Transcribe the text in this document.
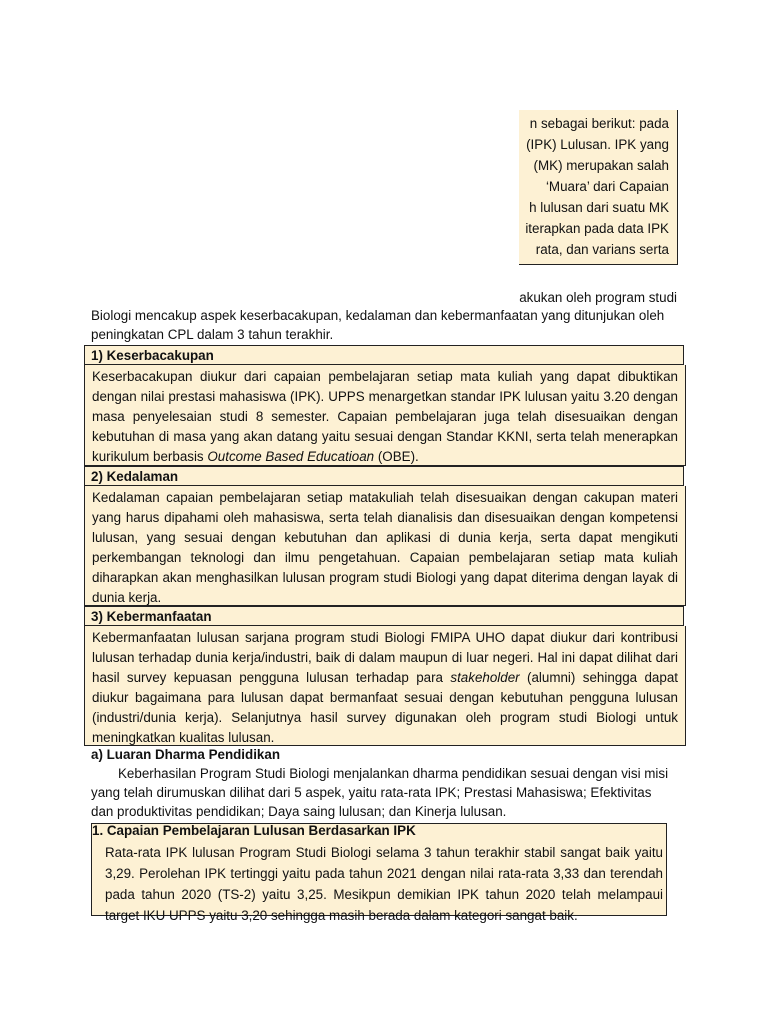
n sebagai berikut: pada
(IPK) Lulusan. IPK yang
(MK) merupakan salah
‘Muara’ dari Capaian
h lulusan dari suatu MK
iterapkan pada data IPK
rata, dan varians serta
akukan oleh program studi
Biologi mencakup aspek keserbacakupan, kedalaman dan kebermanfaatan yang ditunjukan oleh
peningkatan CPL dalam 3 tahun terakhir.
1) Keserbacakupan

Keserbacakupan diukur dari capaian pembelajaran setiap mata kuliah yang dapat dibuktikan dengan nilai prestasi mahasiswa (IPK). UPPS menargetkan standar IPK lulusan yaitu 3.20 dengan masa penyelesaian studi 8 semester. Capaian pembelajaran juga telah disesuaikan dengan kebutuhan di masa yang akan datang yaitu sesuai dengan Standar KKNI, serta telah menerapkan kurikulum berbasis Outcome Based Educatioan (OBE).

2) Kedalaman

Kedalaman capaian pembelajaran setiap matakuliah telah disesuaikan dengan cakupan materi yang harus dipahami oleh mahasiswa, serta telah dianalisis dan disesuaikan dengan kompetensi lulusan, yang sesuai dengan kebutuhan dan aplikasi di dunia kerja, serta dapat mengikuti perkembangan teknologi dan ilmu pengetahuan. Capaian pembelajaran setiap mata kuliah diharapkan akan menghasilkan lulusan program studi Biologi yang dapat diterima dengan layak di dunia kerja.

3) Kebermanfaatan

Kebermanfaatan lulusan sarjana program studi Biologi FMIPA UHO dapat diukur dari kontribusi lulusan terhadap dunia kerja/industri, baik di dalam maupun di luar negeri. Hal ini dapat dilihat dari hasil survey kepuasan pengguna lulusan terhadap para stakeholder (alumni) sehingga dapat diukur bagaimana para lulusan dapat bermanfaat sesuai dengan kebutuhan pengguna lulusan (industri/dunia kerja). Selanjutnya hasil survey digunakan oleh program studi Biologi untuk meningkatkan kualitas lulusan.

a) Luaran Dharma Pendidikan
Keberhasilan Program Studi Biologi menjalankan dharma pendidikan sesuai dengan visi misi
yang telah dirumuskan dilihat dari 5 aspek, yaitu rata-rata IPK; Prestasi Mahasiswa; Efektivitas
dan produktivitas pendidikan; Daya saing lulusan; dan Kinerja lulusan.
1. Capaian Pembelajaran Lulusan Berdasarkan IPK

Rata-rata IPK lulusan Program Studi Biologi selama 3 tahun terakhir stabil sangat baik yaitu 3,29. Perolehan IPK tertinggi yaitu pada tahun 2021 dengan nilai rata-rata 3,33 dan terendah pada tahun 2020 (TS-2) yaitu 3,25. Mesikpun demikian IPK tahun 2020 telah melampaui target IKU UPPS yaitu 3,20 sehingga masih berada dalam kategori sangat baik.
